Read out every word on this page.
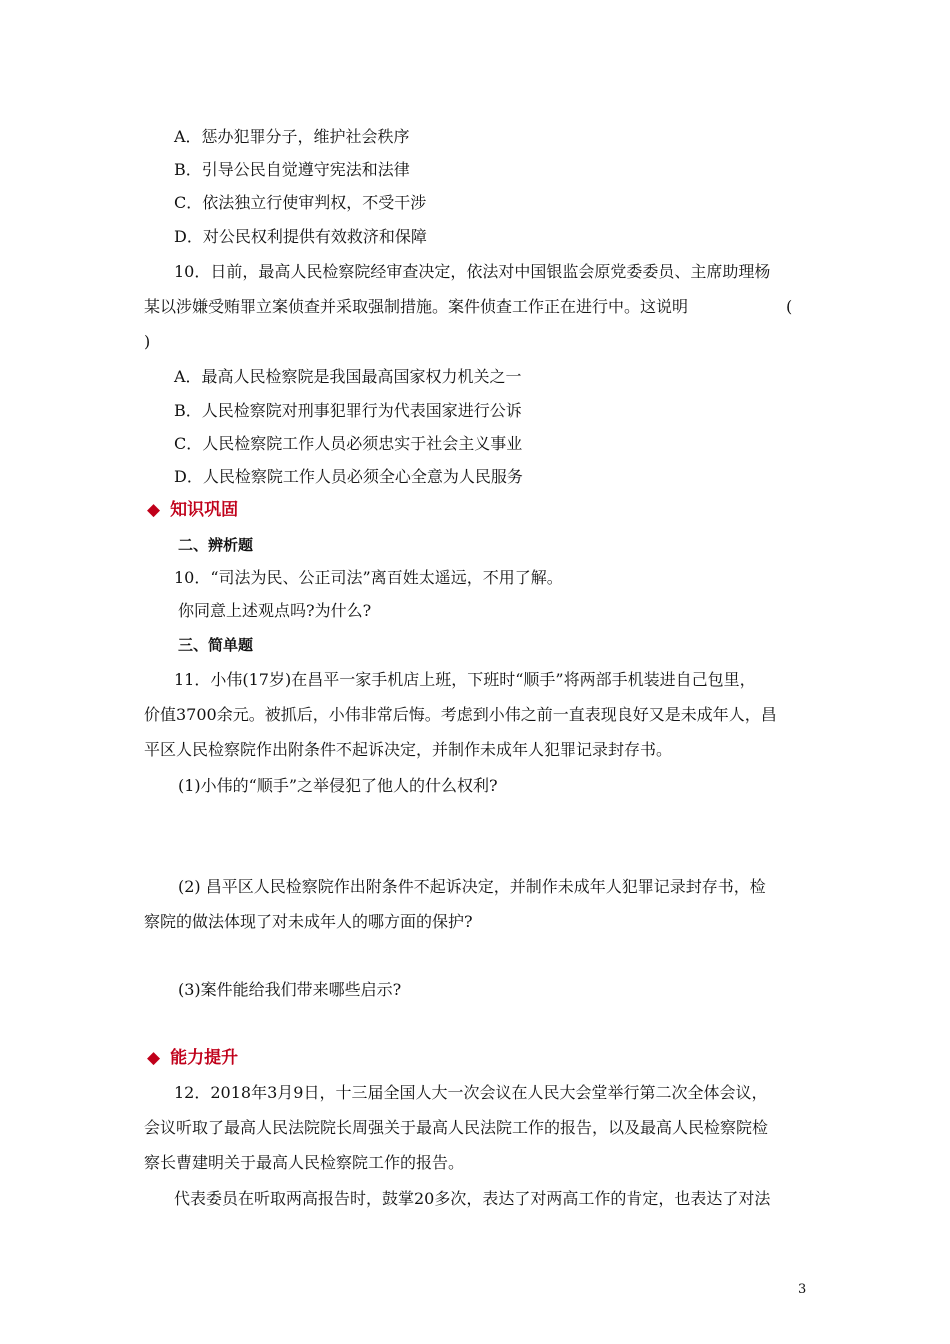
A．惩办犯罪分子，维护社会秩序
B．引导公民自觉遵守宪法和法律
C．依法独立行使审判权，不受干涉
D．对公民权利提供有效救济和保障
10．日前，最高人民检察院经审查决定，依法对中国银监会原党委委员、主席助理杨
某以涉嫌受贿罪立案侦查并采取强制措施。案件侦查工作正在进行中。这说明	(
)
A．最高人民检察院是我国最高国家权力机关之一
B．人民检察院对刑事犯罪行为代表国家进行公诉
C．人民检察院工作人员必须忠实于社会主义事业
D．人民检察院工作人员必须全心全意为人民服务
◆ 知识巩固
二、辨析题
10．“司法为民、公正司法”离百姓太遥远，不用了解。
你同意上述观点吗?为什么?
三、简单题
11．小伟(17岁)在昌平一家手机店上班，下班时“顺手”将两部手机装进自己包里，
价值3700余元。被抓后，小伟非常后悔。考虑到小伟之前一直表现良好又是未成年人，昌
平区人民检察院作出附条件不起诉决定，并制作未成年人犯罪记录封存书。
(1)小伟的“顺手”之举侵犯了他人的什么权利?
(2) 昌平区人民检察院作出附条件不起诉决定，并制作未成年人犯罪记录封存书，检
察院的做法体现了对未成年人的哪方面的保护?
(3)案件能给我们带来哪些启示?
◆ 能力提升
12．2018年3月9日，十三届全国人大一次会议在人民大会堂举行第二次全体会议，
会议听取了最高人民法院院长周强关于最高人民法院工作的报告，以及最高人民检察院检
察长曹建明关于最高人民检察院工作的报告。
代表委员在听取两高报告时，鼓掌20多次，表达了对两高工作的肯定，也表达了对法
3
